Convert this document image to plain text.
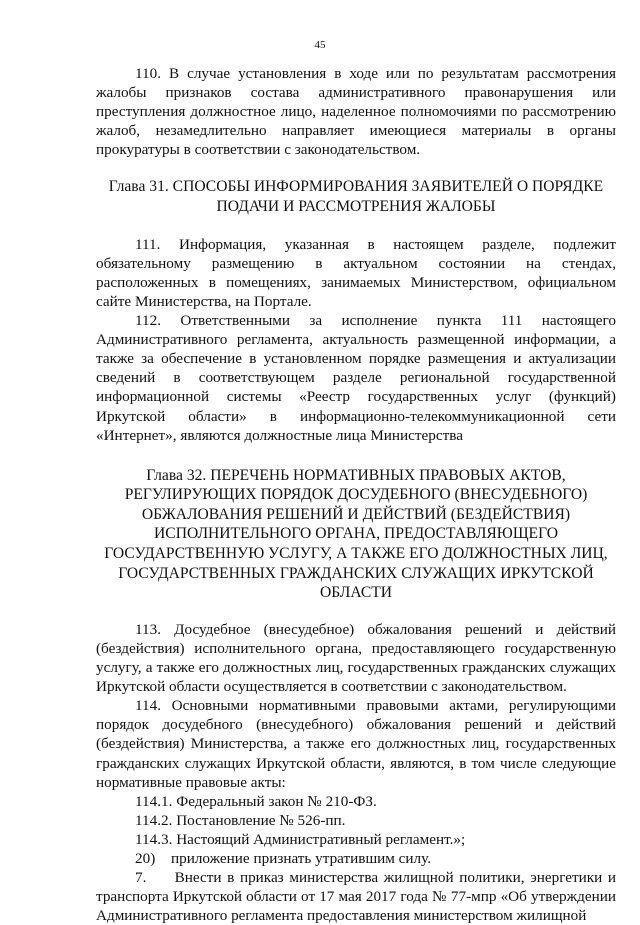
45

110. В случае установления в ходе или по результатам рассмотрения жалобы признаков состава административного правонарушения или преступления должностное лицо, наделенное полномочиями по рассмотрению жалоб, незамедлительно направляет имеющиеся материалы в органы прокуратуры в соответствии с законодательством.

Глава 31. СПОСОБЫ ИНФОРМИРОВАНИЯ ЗАЯВИТЕЛЕЙ О ПОРЯДКЕ ПОДАЧИ И РАССМОТРЕНИЯ ЖАЛОБЫ

111. Информация, указанная в настоящем разделе, подлежит обязательному размещению в актуальном состоянии на стендах, расположенных в помещениях, занимаемых Министерством, официальном сайте Министерства, на Портале.

112. Ответственными за исполнение пункта 111 настоящего Административного регламента, актуальность размещенной информации, а также за обеспечение в установленном порядке размещения и актуализации сведений в соответствующем разделе региональной государственной информационной системы «Реестр государственных услуг (функций) Иркутской области» в информационно-телекоммуникационной сети «Интернет», являются должностные лица Министерства

Глава 32. ПЕРЕЧЕНЬ НОРМАТИВНЫХ ПРАВОВЫХ АКТОВ, РЕГУЛИРУЮЩИХ ПОРЯДОК ДОСУДЕБНОГО (ВНЕСУДЕБНОГО) ОБЖАЛОВАНИЯ РЕШЕНИЙ И ДЕЙСТВИЙ (БЕЗДЕЙСТВИЯ) ИСПОЛНИТЕЛЬНОГО ОРГАНА, ПРЕДОСТАВЛЯЮЩЕГО ГОСУДАРСТВЕННУЮ УСЛУГУ, А ТАКЖЕ ЕГО ДОЛЖНОСТНЫХ ЛИЦ, ГОСУДАРСТВЕННЫХ ГРАЖДАНСКИХ СЛУЖАЩИХ ИРКУТСКОЙ ОБЛАСТИ

113. Досудебное (внесудебное) обжалования решений и действий (бездействия) исполнительного органа, предоставляющего государственную услугу, а также его должностных лиц, государственных гражданских служащих Иркутской области осуществляется в соответствии с законодательством.

114. Основными нормативными правовыми актами, регулирующими порядок досудебного (внесудебного) обжалования решений и действий (бездействия) Министерства, а также его должностных лиц, государственных гражданских служащих Иркутской области, являются, в том числе следующие нормативные правовые акты:

114.1. Федеральный закон № 210-ФЗ.

114.2. Постановление № 526-пп.

114.3. Настоящий Административный регламент.»;

20) приложение признать утратившим силу.

7. Внести в приказ министерства жилищной политики, энергетики и транспорта Иркутской области от 17 мая 2017 года № 77-мпр «Об утверждении Административного регламента предоставления министерством жилищной
